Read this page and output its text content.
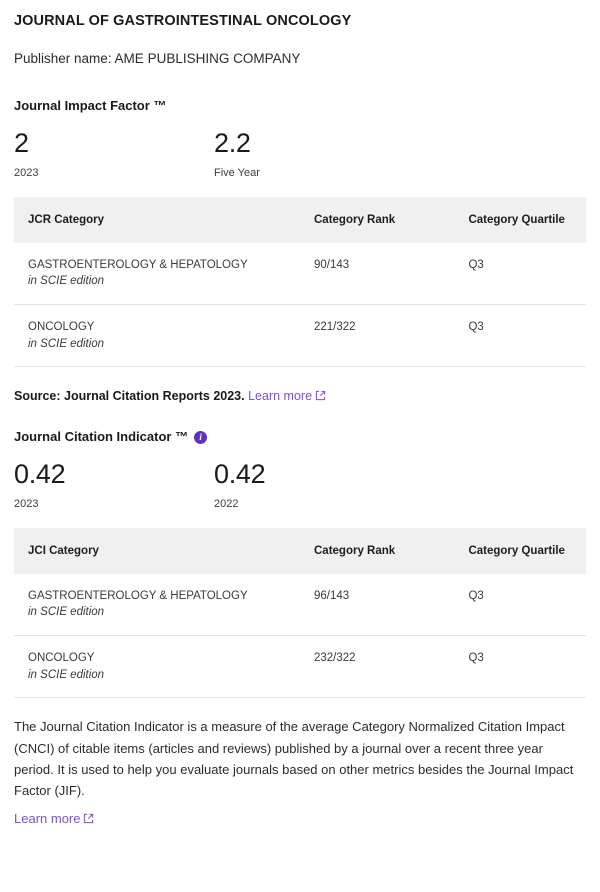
JOURNAL OF GASTROINTESTINAL ONCOLOGY
Publisher name: AME PUBLISHING COMPANY
Journal Impact Factor ™
2
2023
2.2
Five Year
JCR Category	Category Rank	Category Quartile
GASTROENTEROLOGY & HEPATOLOGY
in SCIE edition	90/143	Q3
ONCOLOGY
in SCIE edition	221/322	Q3
Source: Journal Citation Reports 2023. Learn more
Journal Citation Indicator ™	i
0.42
2023
0.42
2022
JCI Category	Category Rank	Category Quartile
GASTROENTEROLOGY & HEPATOLOGY
in SCIE edition	96/143	Q3
ONCOLOGY
in SCIE edition	232/322	Q3

The Journal Citation Indicator is a measure of the average Category Normalized Citation Impact (CNCI) of citable items (articles and reviews) published by a journal over a recent three year period. It is used to help you evaluate journals based on other metrics besides the Journal Impact Factor (JIF).

Learn more
